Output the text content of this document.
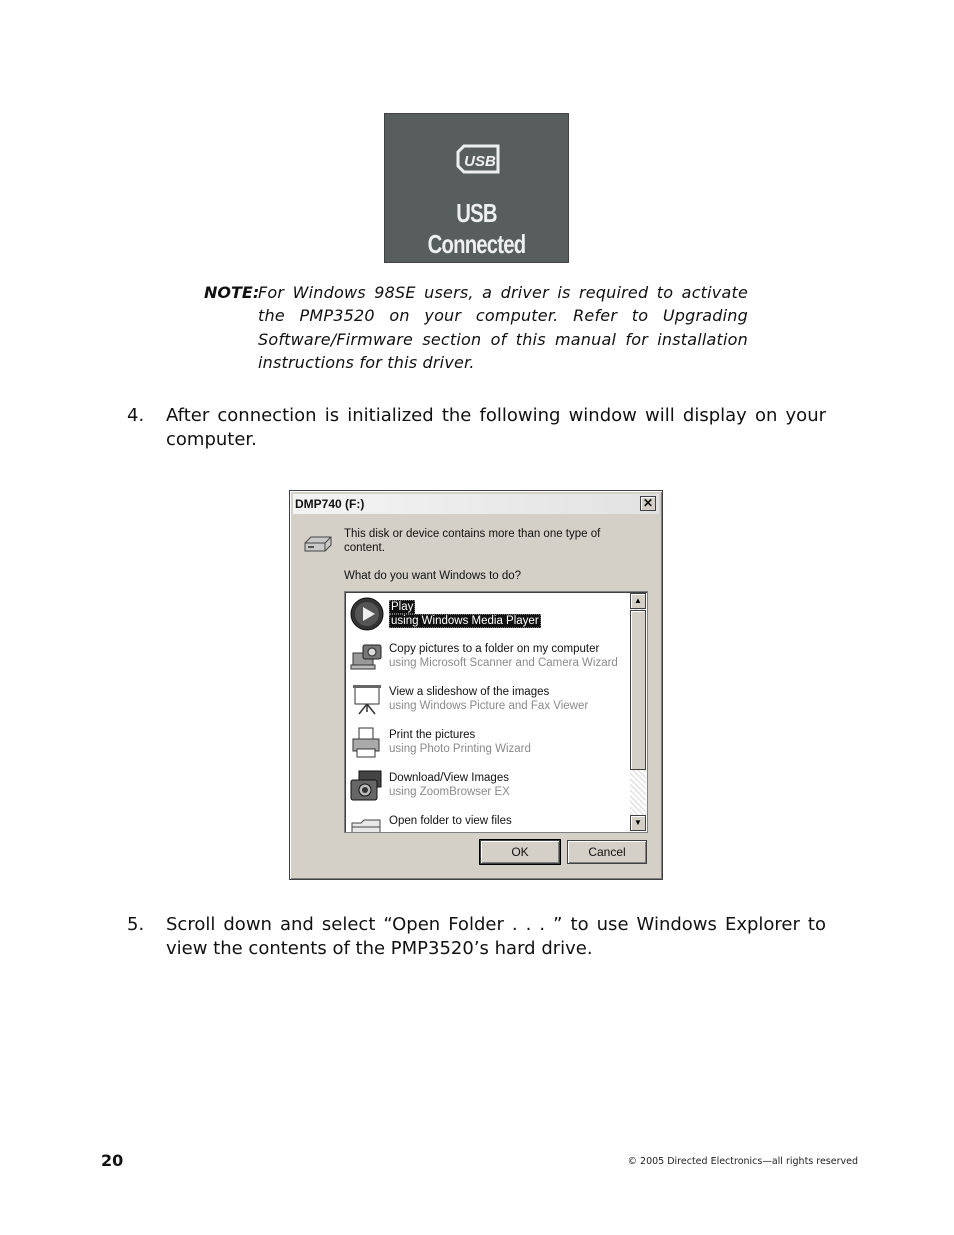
USB
USB Connected
NOTE:
For Windows 98SE users, a driver is required to activate the PMP3520 on your computer. Refer to Upgrading Software/Firmware section of this manual for installation instructions for this driver.
4. After connection is initialized the following window will display on your computer.
DMP740 (F:)	✕
This disk or device contains more than one type of content.
What do you want Windows to do?
Play
using Windows Media Player
Copy pictures to a folder on my computer
using Microsoft Scanner and Camera Wizard
View a slideshow of the images
using Windows Picture and Fax Viewer
Print the pictures
using Photo Printing Wizard
Download/View Images
using ZoomBrowser EX
Open folder to view files
▲
▼
OK	Cancel
5. Scroll down and select “Open Folder . . . ” to use Windows Explorer to view the contents of the PMP3520’s hard drive.
20	© 2005 Directed Electronics—all rights reserved
